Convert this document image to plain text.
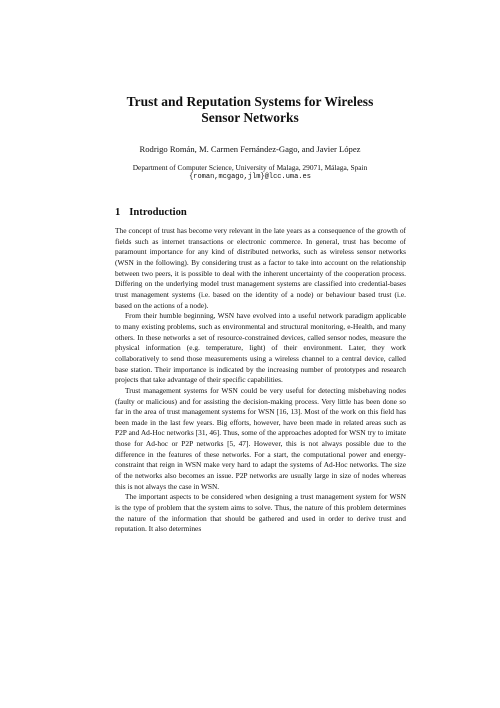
Trust and Reputation Systems for Wireless
Sensor Networks
Rodrigo Román, M. Carmen Fernández-Gago, and Javier López
Department of Computer Science, University of Malaga, 29071, Málaga, Spain
{roman,mcgago,jlm}@lcc.uma.es
1 Introduction

The concept of trust has become very relevant in the late years as a consequence of the growth of fields such as internet transactions or electronic commerce. In general, trust has become of paramount importance for any kind of distributed networks, such as wireless sensor networks (WSN in the following). By considering trust as a factor to take into account on the relationship between two peers, it is possible to deal with the inherent uncertainty of the cooperation process. Differing on the underlying model trust management systems are classified into credential-bases trust management systems (i.e. based on the identity of a node) or behaviour based trust (i.e. based on the actions of a node).

From their humble beginning, WSN have evolved into a useful network paradigm applicable to many existing problems, such as environmental and structural monitoring, e-Health, and many others. In these networks a set of resource-constrained devices, called sensor nodes, measure the physical information (e.g. temperature, light) of their environment. Later, they work collaboratively to send those measurements using a wireless channel to a central device, called base station. Their importance is indicated by the increasing number of prototypes and research projects that take advantage of their specific capabilities.

Trust management systems for WSN could be very useful for detecting misbehaving nodes (faulty or malicious) and for assisting the decision-making process. Very little has been done so far in the area of trust management systems for WSN [16, 13]. Most of the work on this field has been made in the last few years. Big efforts, however, have been made in related areas such as P2P and Ad-Hoc networks [31, 46]. Thus, some of the approaches adopted for WSN try to imitate those for Ad-hoc or P2P networks [5, 47]. However, this is not always possible due to the difference in the features of these networks. For a start, the computational power and energy-constraint that reign in WSN make very hard to adapt the systems of Ad-Hoc networks. The size of the networks also becomes an issue. P2P networks are usually large in size of nodes whereas this is not always the case in WSN.

The important aspects to be considered when designing a trust management system for WSN is the type of problem that the system aims to solve. Thus, the nature of this problem determines the nature of the information that should be gathered and used in order to derive trust and reputation. It also determines
